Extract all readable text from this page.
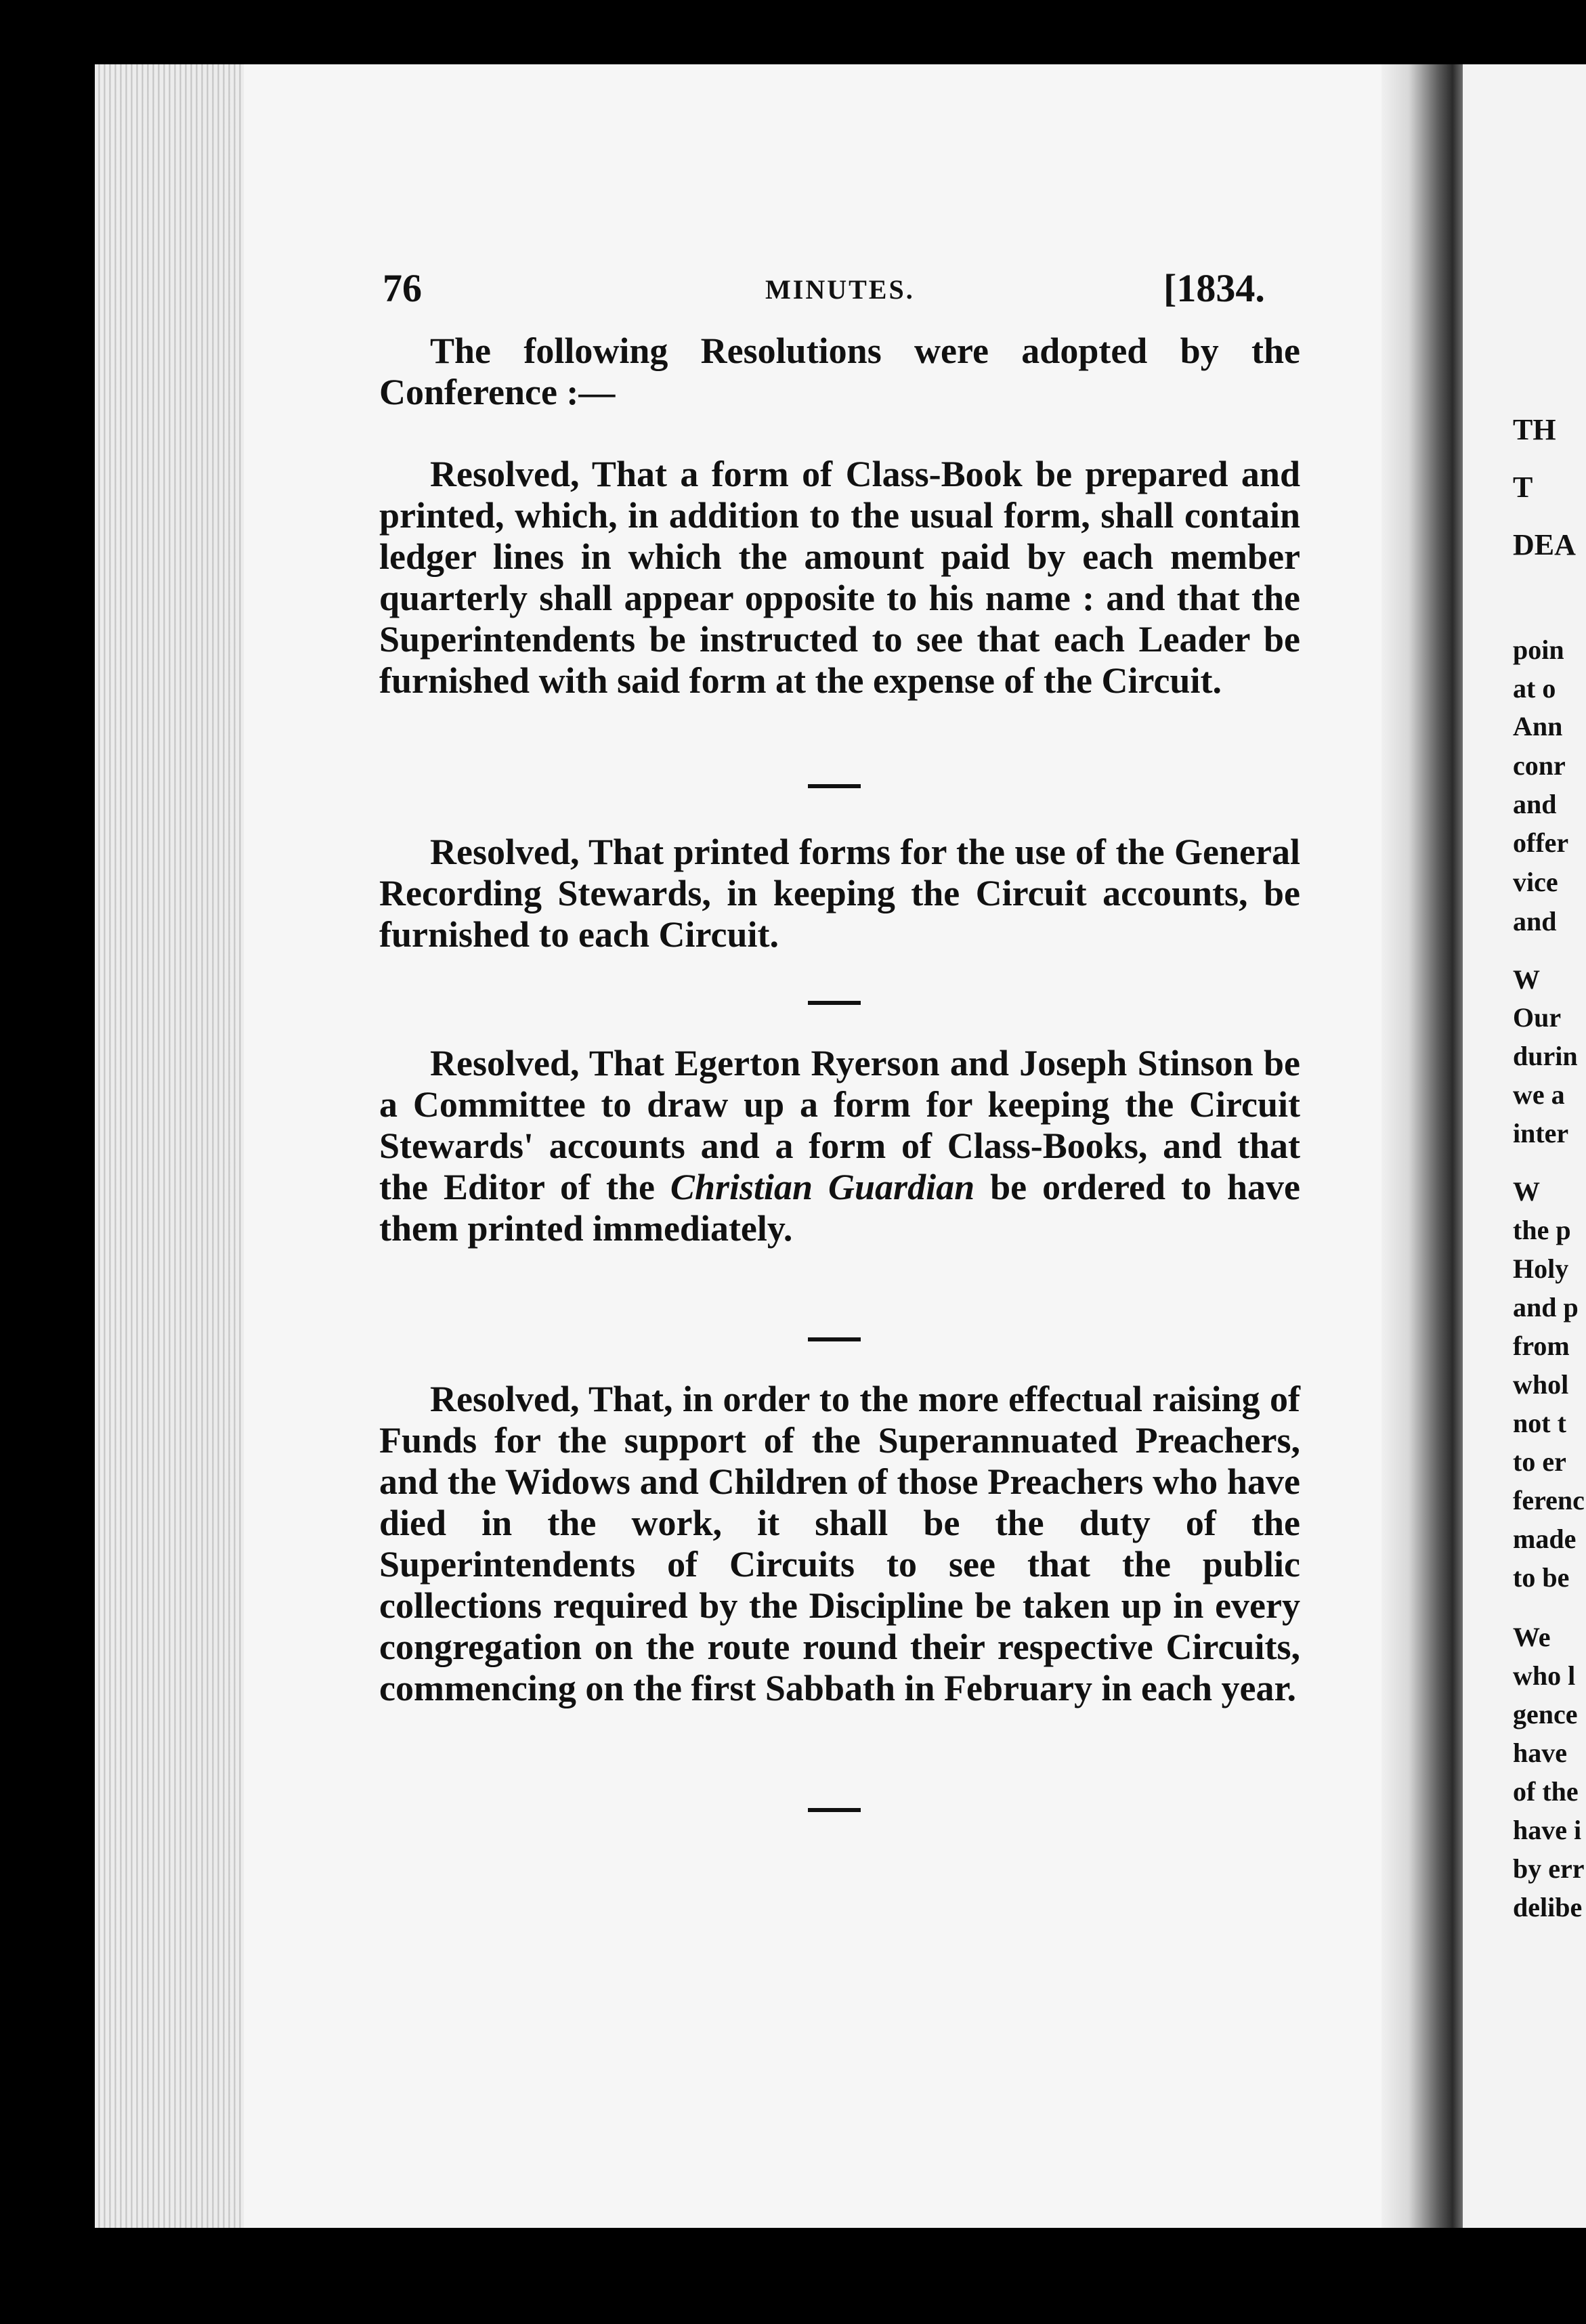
76	MINUTES.	[1834.
The following Resolutions were adopted by the Conference :—
Resolved, That a form of Class-Book be prepared and printed, which, in addition to the usual form, shall contain ledger lines in which the amount paid by each member quarterly shall appear opposite to his name : and that the Superintendents be instructed to see that each Leader be furnished with said form at the expense of the Circuit.
Resolved, That printed forms for the use of the General Recording Stewards, in keeping the Circuit accounts, be furnished to each Circuit.
Resolved, That Egerton Ryerson and Joseph Stinson be a Committee to draw up a form for keeping the Circuit Stewards' accounts and a form of Class-Books, and that the Editor of the Christian Guardian be ordered to have them printed immediately.
Resolved, That, in order to the more effectual raising of Funds for the support of the Superannuated Preachers, and the Widows and Children of those Preachers who have died in the work, it shall be the duty of the Superintendents of Circuits to see that the public collections required by the Discipline be taken up in every congregation on the route round their respective Circuits, commencing on the first Sabbath in February in each year.
TH
T
DEA
poin
at o
Ann
conr
and
offer
vice
and
W
Our
durin
we a
inter
W
the p
Holy
and p
from
whol
not t
to er
ferenc
made
to be
We
who l
gence
have
of the
have i
by err
delibe
